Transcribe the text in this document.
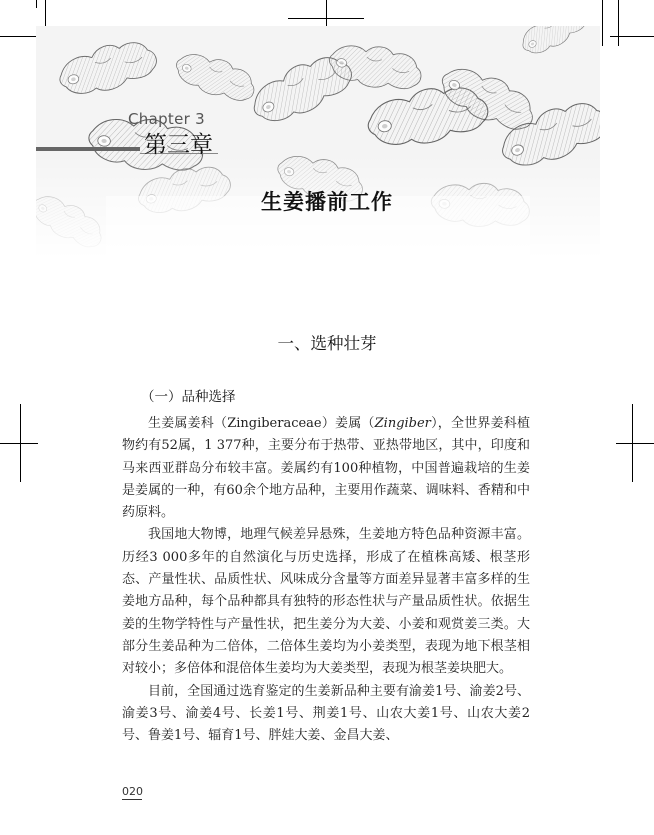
Chapter 3
第三章
生姜播前工作
一、选种壮芽
（一）品种选择

生姜属姜科（Zingiberaceae）姜属（Zingiber），全世界姜科植物约有52属，1 377种，主要分布于热带、亚热带地区，其中，印度和马来西亚群岛分布较丰富。姜属约有100种植物，中国普遍栽培的生姜是姜属的一种，有60余个地方品种，主要用作蔬菜、调味料、香精和中药原料。

我国地大物博，地理气候差异悬殊，生姜地方特色品种资源丰富。历经3 000多年的自然演化与历史选择，形成了在植株高矮、根茎形态、产量性状、品质性状、风味成分含量等方面差异显著丰富多样的生姜地方品种，每个品种都具有独特的形态性状与产量品质性状。依据生姜的生物学特性与产量性状，把生姜分为大姜、小姜和观赏姜三类。大部分生姜品种为二倍体，二倍体生姜均为小姜类型，表现为地下根茎相对较小；多倍体和混倍体生姜均为大姜类型，表现为根茎姜块肥大。

目前，全国通过选育鉴定的生姜新品种主要有渝姜1号、渝姜2号、渝姜3号、渝姜4号、长姜1号、荆姜1号、山农大姜1号、山农大姜2号、鲁姜1号、辐育1号、胖娃大姜、金昌大姜、

020
